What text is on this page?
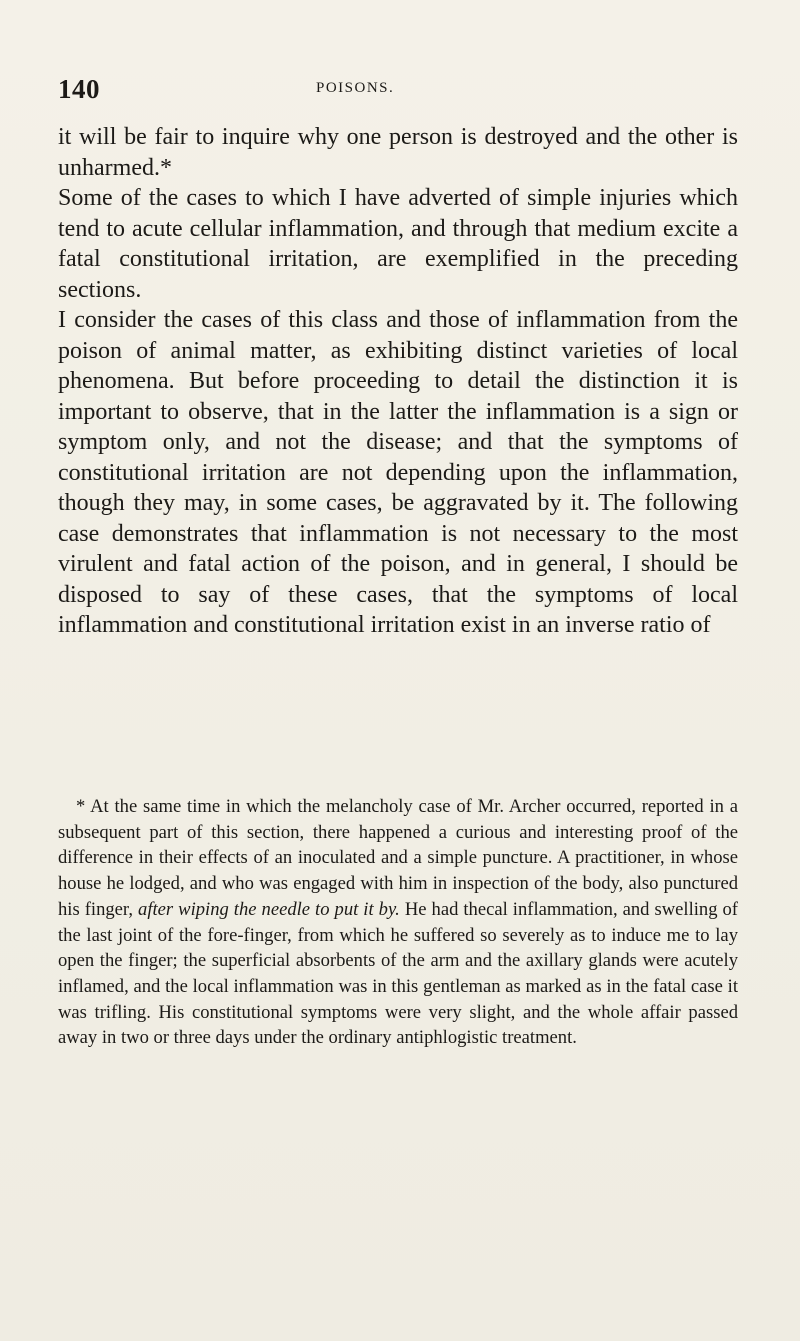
140	POISONS.

it will be fair to inquire why one person is destroyed and the other is unharmed.*

Some of the cases to which I have adverted of simple injuries which tend to acute cellular inflammation, and through that medium excite a fatal constitutional irritation, are exemplified in the preceding sections.

I consider the cases of this class and those of inflammation from the poison of animal matter, as exhibiting distinct varieties of local phenomena. But before proceeding to detail the distinction it is important to observe, that in the latter the inflammation is a sign or symptom only, and not the disease; and that the symptoms of constitutional irritation are not depending upon the inflammation, though they may, in some cases, be aggravated by it. The following case demonstrates that inflammation is not necessary to the most virulent and fatal action of the poison, and in general, I should be disposed to say of these cases, that the symptoms of local inflammation and constitutional irritation exist in an inverse ratio of

* At the same time in which the melancholy case of Mr. Archer occurred, reported in a subsequent part of this section, there happened a curious and interesting proof of the difference in their effects of an inoculated and a simple puncture. A practitioner, in whose house he lodged, and who was engaged with him in inspection of the body, also punctured his finger, after wiping the needle to put it by. He had thecal inflammation, and swelling of the last joint of the fore-finger, from which he suffered so severely as to induce me to lay open the finger; the superficial absorbents of the arm and the axillary glands were acutely inflamed, and the local inflammation was in this gentleman as marked as in the fatal case it was trifling. His constitutional symptoms were very slight, and the whole affair passed away in two or three days under the ordinary antiphlogistic treatment.
